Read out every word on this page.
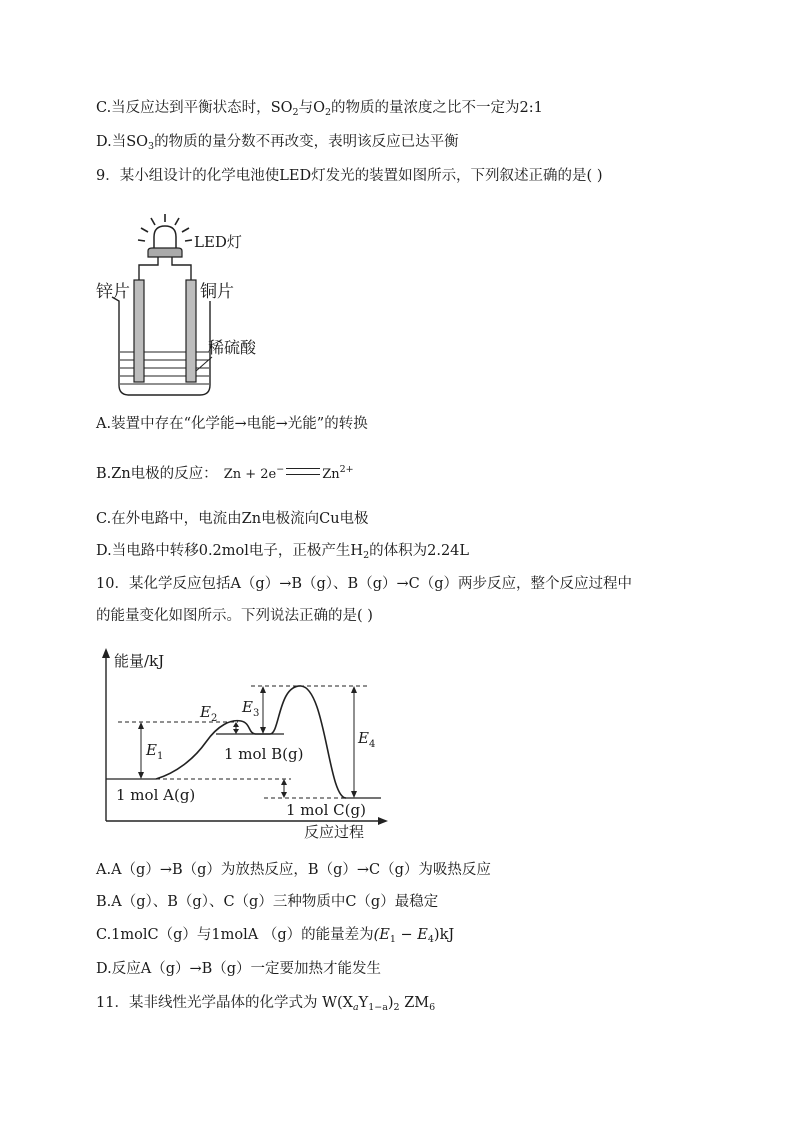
C.当反应达到平衡状态时，$SO_2$与$O_2$的物质的量浓度之比不一定为2:1
D.当$SO_3$的物质的量分数不再改变，表明该反应已达平衡
9．某小组设计的化学电池使LED灯发光的装置如图所示，下列叙述正确的是( )
LED灯
锌片	铜片
稀硫酸
A.装置中存在“化学能→电能→光能”的转换
B.Zn电极的反应： Zn + 2e−	$Zn^{2+}$
C.在外电路中，电流由Zn电极流向Cu电极
D.当电路中转移0.2mol电子，正极产生$H_2$的体积为2.24L
10．某化学反应包括A（g）→B（g）、B（g）→C（g）两步反应，整个反应过程中
的能量变化如图所示。下列说法正确的是( )
能量/kJ
反应过程
1 mol A(g)
1 mol B(g)
1 mol C(g)
$E_1$
$E_2$
$E_3$
$E_4$
A.A（g）→B（g）为放热反应，B（g）→C（g）为吸热反应
B.A（g）、B（g）、C（g）三种物质中C（g）最稳定
C.1molC（g）与1molA （g）的能量差为$(E_1 - E_4)kJ$
D.反应A（g）→B（g）一定要加热才能发生
11．某非线性光学晶体的化学式为 $W(X_aY_{1-a})_2$ $ZM_6$
